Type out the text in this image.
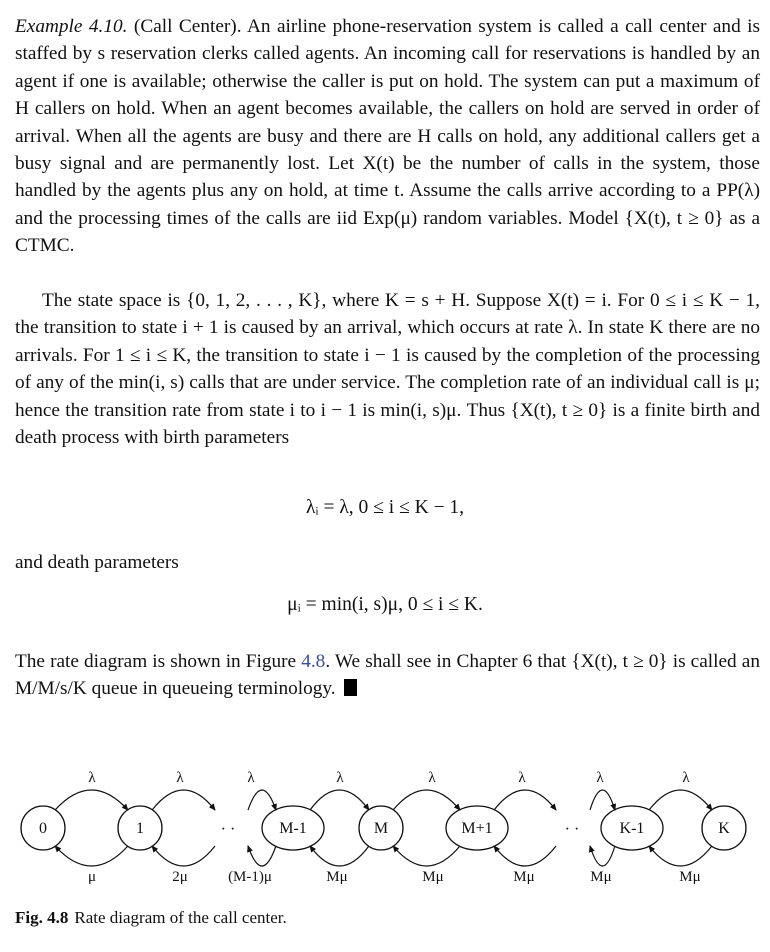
Example 4.10. (Call Center). An airline phone-reservation system is called a call center and is staffed by s reservation clerks called agents. An incoming call for reservations is handled by an agent if one is available; otherwise the caller is put on hold. The system can put a maximum of H callers on hold. When an agent becomes available, the callers on hold are served in order of arrival. When all the agents are busy and there are H calls on hold, any additional callers get a busy signal and are permanently lost. Let X(t) be the number of calls in the system, those handled by the agents plus any on hold, at time t. Assume the calls arrive according to a PP(λ) and the processing times of the calls are iid Exp(μ) random variables. Model {X(t), t ≥ 0} as a CTMC.

The state space is {0, 1, 2, . . . , K}, where K = s + H. Suppose X(t) = i. For 0 ≤ i ≤ K − 1, the transition to state i + 1 is caused by an arrival, which occurs at rate λ. In state K there are no arrivals. For 1 ≤ i ≤ K, the transition to state i − 1 is caused by the completion of the processing of any of the min(i, s) calls that are under service. The completion rate of an individual call is μ; hence the transition rate from state i to i − 1 is min(i, s)μ. Thus {X(t), t ≥ 0} is a finite birth and death process with birth parameters

λᵢ = λ, 0 ≤ i ≤ K − 1,

and death parameters

μᵢ = min(i, s)μ, 0 ≤ i ≤ K.

The rate diagram is shown in Figure 4.8. We shall see in Chapter 6 that {X(t), t ≥ 0} is called an M/M/s/K queue in queueing terminology.

0	1	M-1	M	M+1	K-1	K
λ	λ	λ	λ	λ	λ	λ	λ
μ	2μ	(M-1)μ	Mμ	Mμ	Mμ	Mμ	Mμ
· ·	· ·

Fig. 4.8 Rate diagram of the call center.
